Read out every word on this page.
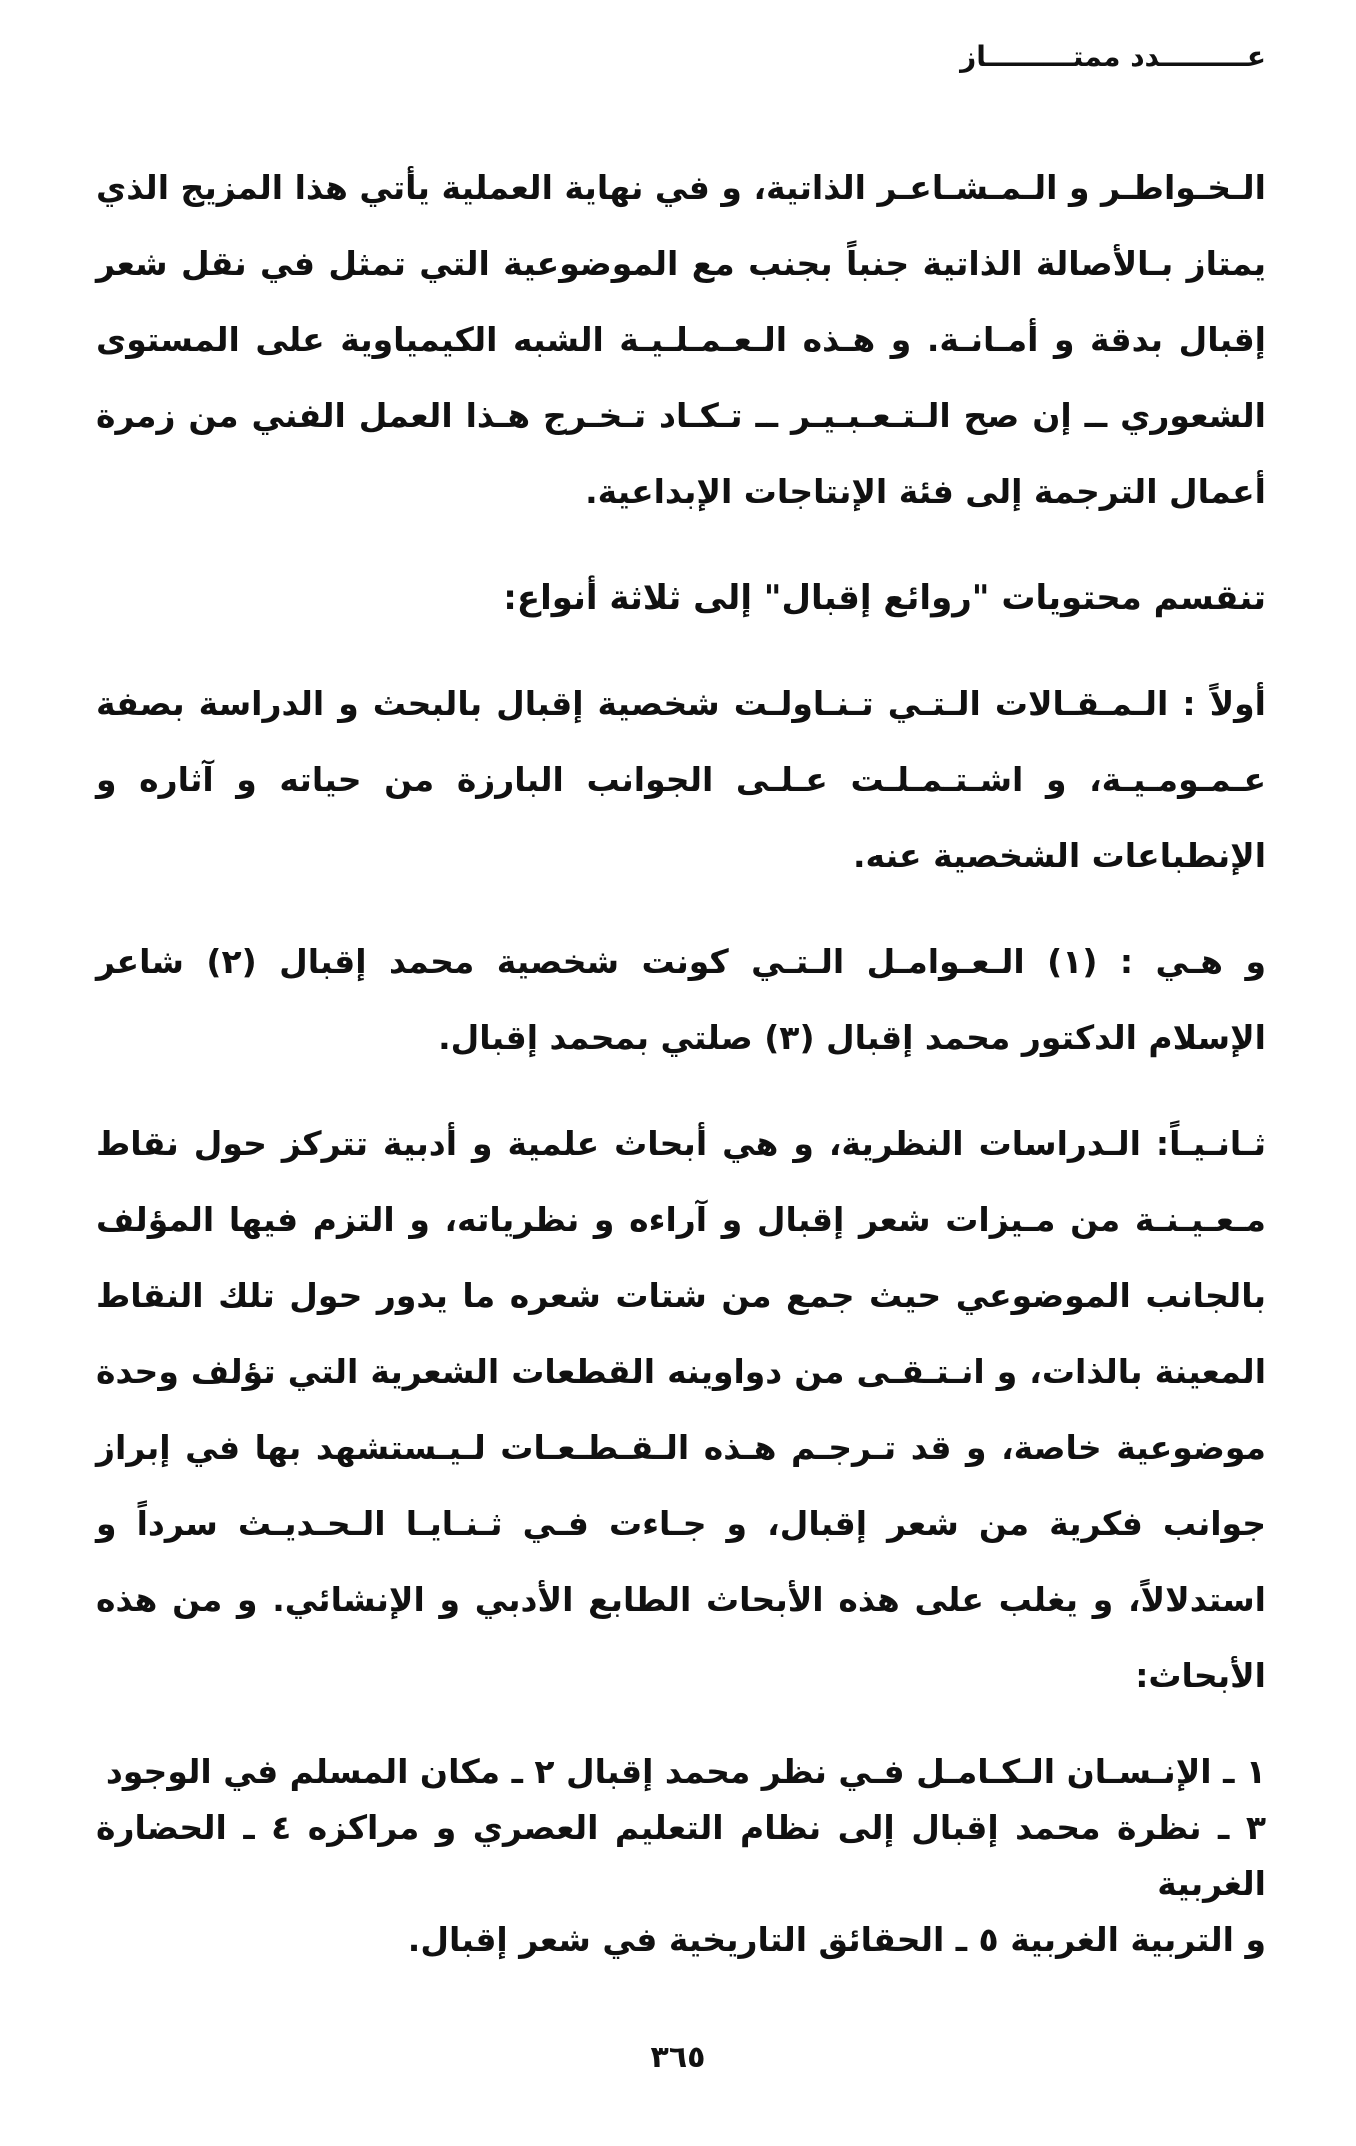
عـــــــــدد ممتـــــــــاز

الـخـواطـر و الـمـشـاعـر الذاتية، و في نهاية العملية يأتي هذا المزيج الذي يمتاز بـالأصالة الذاتية جنباً بجنب مع الموضوعية التي تمثل في نقل شعر إقبال بدقة و أمـانـة. و هـذه الـعـمـلـيـة الشبه الكيمياوية على المستوى الشعوري ــ إن صح الـتـعـبـيـر ــ تـكـاد تـخـرج هـذا العمل الفني من زمرة أعمال الترجمة إلى فئة الإنتاجات الإبداعية.

تنقسم محتويات "روائع إقبال" إلى ثلاثة أنواع:

أولاً : الـمـقـالات الـتـي تـنـاولـت شخصية إقبال بالبحث و الدراسة بصفة عـمـومـيـة، و اشـتـمـلـت عـلـى الجوانب البارزة من حياته و آثاره و الإنطباعات الشخصية عنه.

و هـي : (١) الـعـوامـل الـتـي كونت شخصية محمد إقبال (٢) شاعر الإسلام الدكتور محمد إقبال (٣) صلتي بمحمد إقبال.

ثـانـيـاً: الـدراسات النظرية، و هي أبحاث علمية و أدبية تتركز حول نقاط مـعـيـنـة من مـيزات شعر إقبال و آراءه و نظرياته، و التزم فيها المؤلف بالجانب الموضوعي حيث جمع من شتات شعره ما يدور حول تلك النقاط المعينة بالذات، و انـتـقـى من دواوينه القطعات الشعرية التي تؤلف وحدة موضوعية خاصة، و قد تـرجـم هـذه الـقـطـعـات لـيـستشهد بها في إبراز جوانب فكرية من شعر إقبال، و جـاءت فـي ثـنـايـا الـحـديـث سرداً و استدلالاً، و يغلب على هذه الأبحاث الطابع الأدبي و الإنشائي. و من هذه الأبحاث:

١ ـ الإنـسـان الـكـامـل فـي نظر محمد إقبال ٢ ـ مكان المسلم في الوجود
٣ ـ نظرة محمد إقبال إلى نظام التعليم العصري و مراكزه ٤ ـ الحضارة الغربية
و التربية الغربية ٥ ـ الحقائق التاريخية في شعر إقبال.

٣٦٥
